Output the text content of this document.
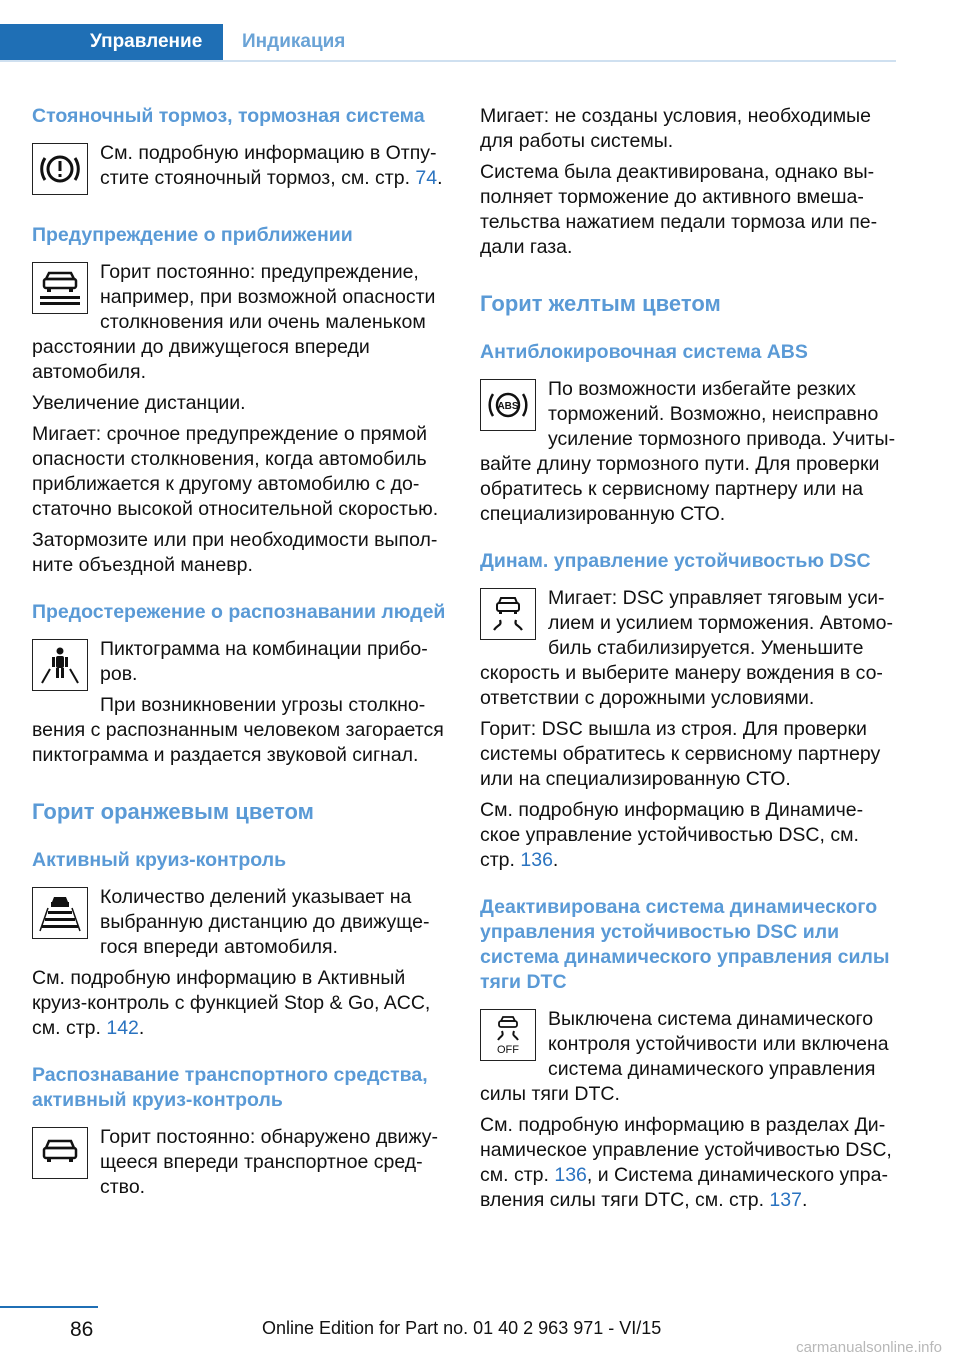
Управление	Индикация
Стояночный тормоз, тормозная система

См. подробную информацию в Отпустите стояночный тормоз, см. стр. 74.

Предупреждение о приближении

Горит постоянно: предупреждение, например, при возможной опасности столкновения или очень маленьком расстоянии до движущегося впереди автомобиля.

Увеличение дистанции.

Мигает: срочное предупреждение о прямой опасности столкновения, когда автомобиль приближается к другому автомобилю с достаточно высокой относительной скоростью.

Затормозите или при необходимости выполните объездной маневр.

Предостережение о распознавании людей

Пиктограмма на комбинации приборов.

При возникновении угрозы столкновения с распознанным человеком загорается пиктограмма и раздается звуковой сигнал.

Горит оранжевым цветом
Активный круиз-контроль

Количество делений указывает на выбранную дистанцию до движущегося впереди автомобиля.

См. подробную информацию в Активный круиз-контроль с функцией Stop & Go, ACC, см. стр. 142.

Распознавание транспортного средства, активный круиз-контроль

Горит постоянно: обнаружено движущееся впереди транспортное средство.

Мигает: не созданы условия, необходимые для работы системы.

Система была деактивирована, однако выполняет торможение до активного вмешательства нажатием педали тормоза или педали газа.

Горит желтым цветом
Антиблокировочная система ABS
ABS

По возможности избегайте резких торможений. Возможно, неисправно усиление тормозного привода. Учитывайте длину тормозного пути. Для проверки обратитесь к сервисному партнеру или на специализированную СТО.

Динам. управление устойчивостью DSC

Мигает: DSC управляет тяговым усилием и усилием торможения. Автомобиль стабилизируется. Уменьшите скорость и выберите манеру вождения в соответствии с дорожными условиями.

Горит: DSC вышла из строя. Для проверки системы обратитесь к сервисному партнеру или на специализированную СТО.

См. подробную информацию в Динамическое управление устойчивостью DSC, см. стр. 136.

Деактивирована система динамического управления устойчивостью DSC или система динамического управления силы тяги DTC
OFF

Выключена система динамического контроля устойчивости или включена система динамического управления силы тяги DTC.

См. подробную информацию в разделах Динамическое управление устойчивостью DSC, см. стр. 136, и Система динамического управления силы тяги DTC, см. стр. 137.

86	Online Edition for Part no. 01 40 2 963 971 - VI/15
carmanualsonline.info
